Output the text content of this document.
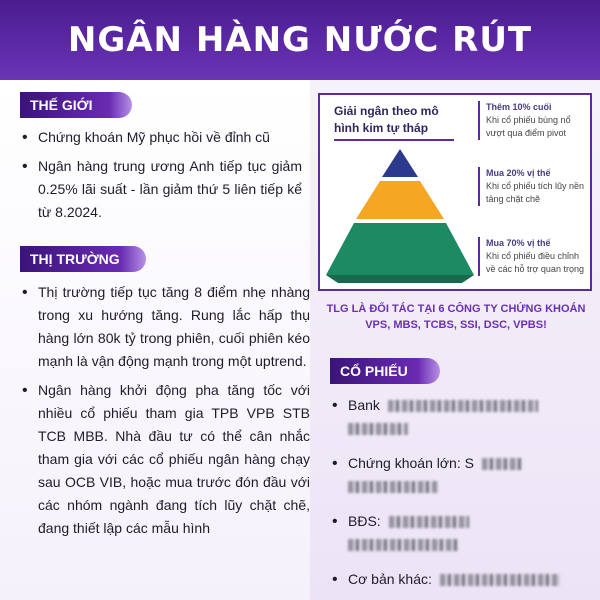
NGÂN HÀNG NƯỚC RÚT
THẾ GIỚI
• Chứng khoán Mỹ phục hồi về đỉnh cũ
• Ngân hàng trung ương Anh tiếp tục giảm 0.25% lãi suất - lần giảm thứ 5 liên tiếp kể từ 8.2024.
THỊ TRƯỜNG
• Thị trường tiếp tục tăng 8 điểm nhẹ nhàng trong xu hướng tăng. Rung lắc hấp thụ hàng lớn 80k tỷ trong phiên, cuối phiên kéo mạnh là vận động mạnh trong một uptrend.
• Ngân hàng khởi động pha tăng tốc với nhiều cổ phiếu tham gia TPB VPB STB TCB MBB. Nhà đầu tư có thể cân nhắc tham gia với các cổ phiếu ngân hàng chạy sau OCB VIB, hoặc mua trước đón đầu với các nhóm ngành đang tích lũy chặt chẽ, đang thiết lập các mẫu hình
Giải ngân theo mô hình kim tự tháp
Thêm 10% cuối
Khi cổ phiếu bùng nổ vượt qua điểm pivot
Mua 20% vị thế
Khi cổ phiếu tích lũy nền tảng chặt chẽ
Mua 70% vị thế
Khi cổ phiếu điều chỉnh về các hỗ trợ quan trọng
TLG LÀ ĐỐI TÁC TẠI 6 CÔNG TY CHỨNG KHOÁN
VPS, MBS, TCBS, SSI, DSC, VPBS!
CỔ PHIẾU
• Bank

• Chứng khoán lớn: S

• BĐS:

• Cơ bản khác:
